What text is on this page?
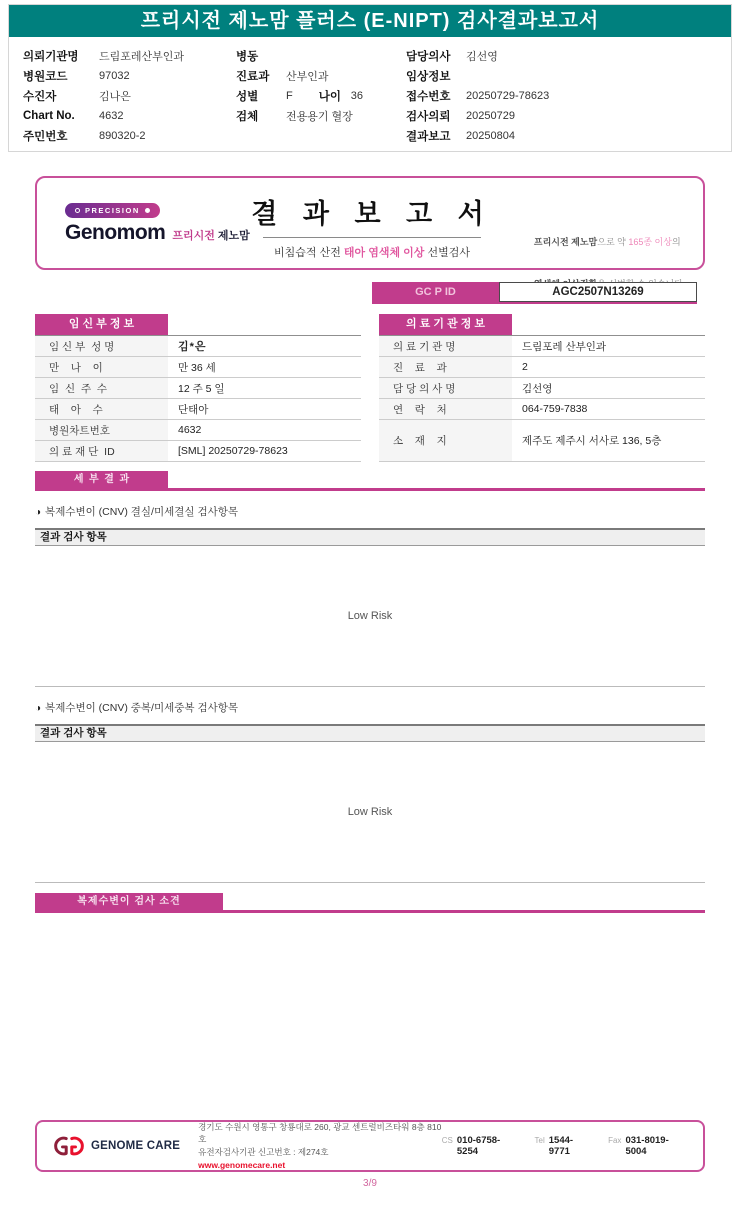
프리시전 제노맘 플러스 (E-NIPT) 검사결과보고서
의뢰기관명	드림포레산부인과
병원코드	97032
수진자	김나은
Chart No.	4632
주민번호	890320-2
병동
진료과	산부인과
성별	F 나이 36
검체	전용용기 혈장
담당의사	김선영
임상정보
접수번호	20250729-78623
검사의뢰	20250729
결과보고	20250804
PRECISION
Genomom 프리시전 제노맘
결 과 보 고 서
비침습적 산전 태아 염색체 이상 선별검사

프리시전 제노맘으로 약 165종 이상의

GC P ID	AGC2507N13269
임 신 부 정 보
임 신 부  성 명	김*은
만    나    이	만 36 세
임  신  주  수	12 주 5 일
태    아    수	단태아
병원차트번호	4632
의 료 재 단  ID	[SML] 20250729-78623
의 료 기 관 정 보
의 료 기 관 명	드림포레 산부인과
진    료    과	2
담 당 의 사 명	김선영
연    락    처	064-759-7838
소    재    지	제주도 제주시 서사로 136, 5층
세  부  결  과
◑ 복제수변이 (CNV) 결실/미세결실 검사항목
결과 검사 항목
Low Risk
◑ 복제수변이 (CNV) 중복/미세중복 검사항목
결과 검사 항목
Low Risk
복제수변이 검사 소견
GENOME CARE
경기도 수원시 영통구 창룡대로 260, 광교 센트럴비즈타워 8층 810호
유전자검사기관 신고번호 : 제274호
www.genomecare.net
CS 010-6758-5254
Tel 1544-9771
Fax 031-8019-5004
3/9
